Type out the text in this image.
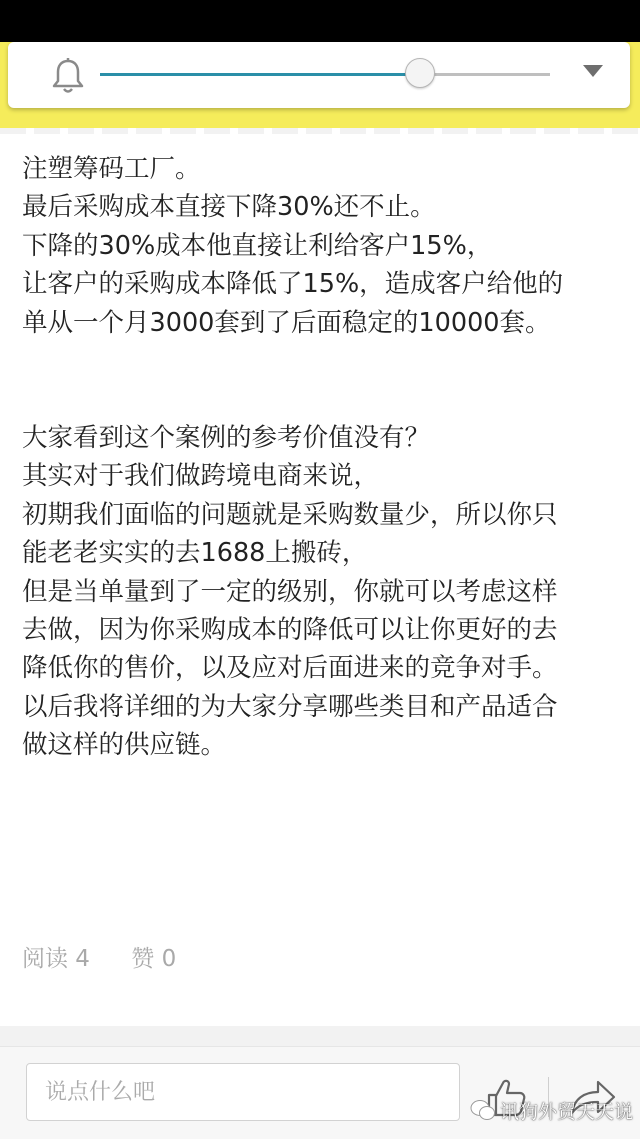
注塑筹码工厂。

最后采购成本直接下降30%还不止。

下降的30%成本他直接让利给客户15%，

让客户的采购成本降低了15%，造成客户给他的

单从一个月3000套到了后面稳定的10000套。

大家看到这个案例的参考价值没有？

其实对于我们做跨境电商来说，

初期我们面临的问题就是采购数量少，所以你只

能老老实实的去1688上搬砖，

但是当单量到了一定的级别，你就可以考虑这样

去做，因为你采购成本的降低可以让你更好的去

降低你的售价，以及应对后面进来的竞争对手。

以后我将详细的为大家分享哪些类目和产品适合

做这样的供应链。

阅读 4 赞 0
说点什么吧
讯狗外贸天天说
